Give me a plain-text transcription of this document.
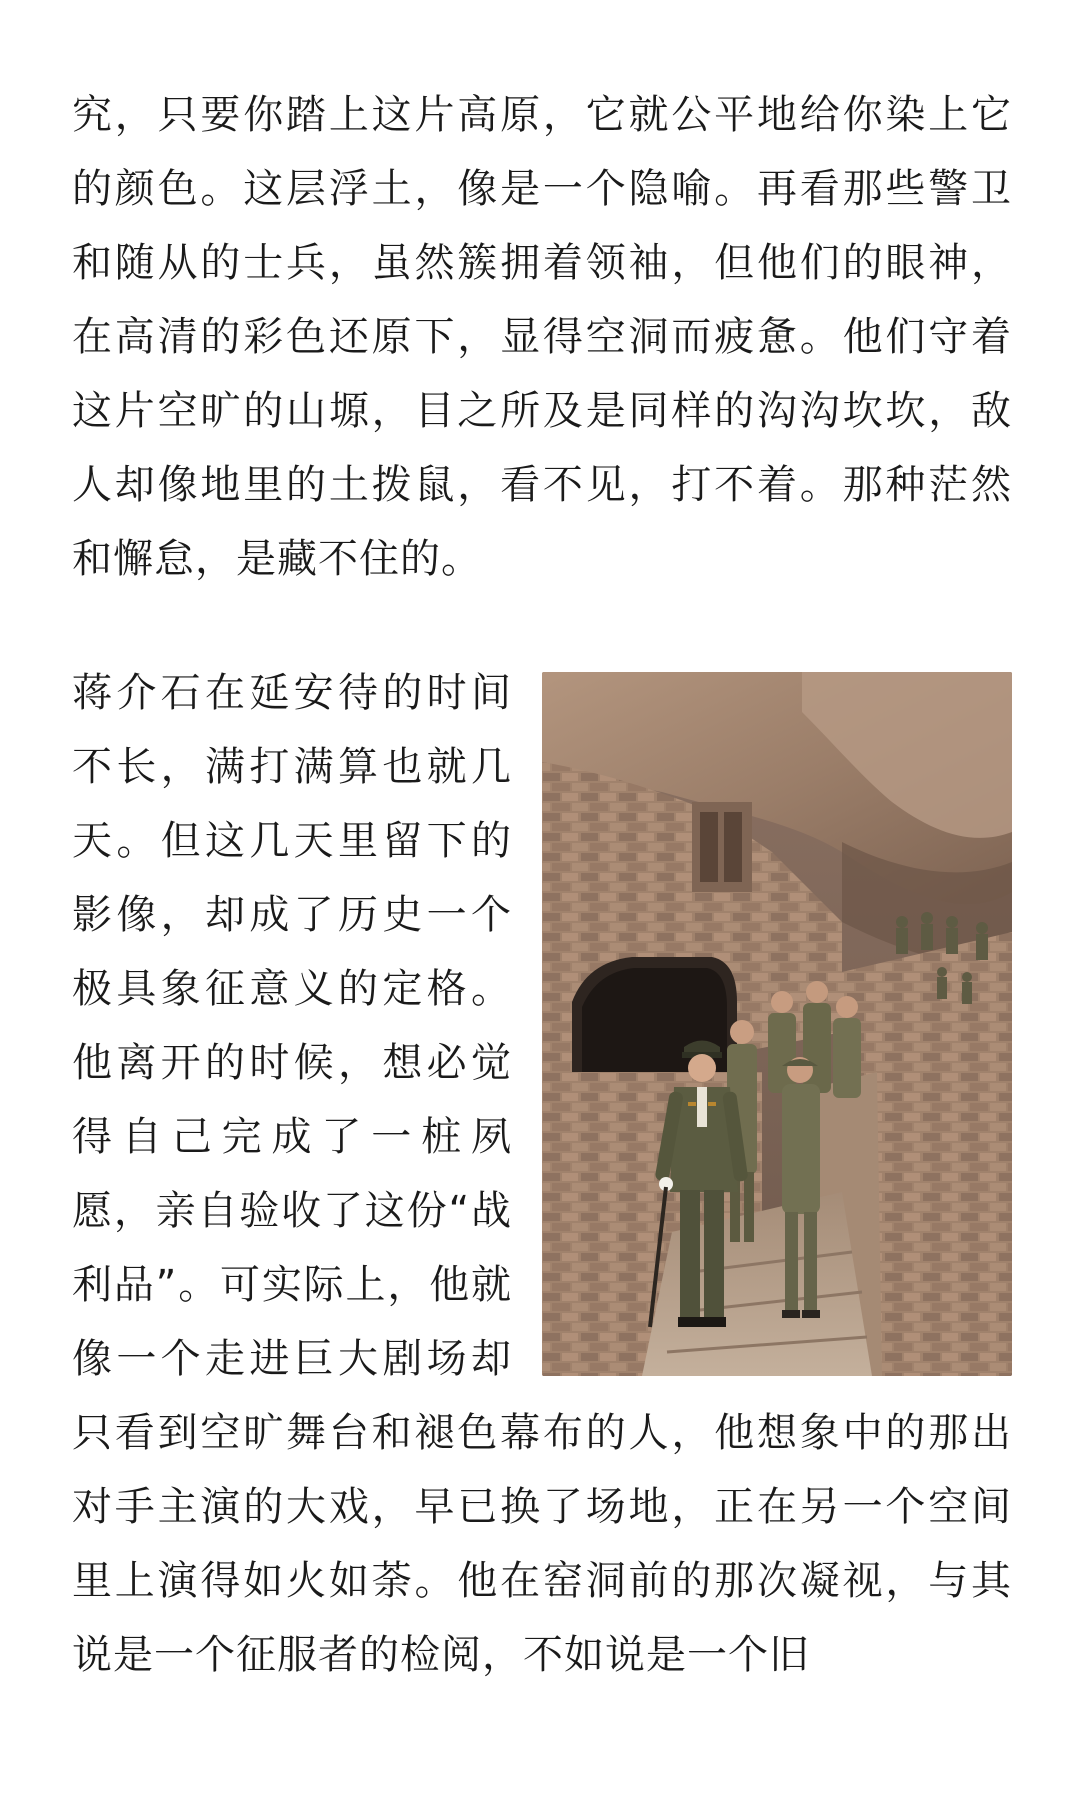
究，只要你踏上这片高原，它就公平地给你染上它的颜色。这层浮土，像是一个隐喻。再看那些警卫和随从的士兵，虽然簇拥着领袖，但他们的眼神，在高清的彩色还原下，显得空洞而疲惫。他们守着这片空旷的山塬，目之所及是同样的沟沟坎坎，敌人却像地里的土拨鼠，看不见，打不着。那种茫然和懈怠，是藏不住的。

蒋介石在延安待的时间不长，满打满算也就几天。但这几天里留下的影像，却成了历史一个极具象征意义的定格。他离开的时候，想必觉得自己完成了一桩夙愿，亲自验收了这份“战利品”。可实际上，他就像一个走进巨大剧场却只看到空旷舞台和褪色幕布的人，他想象中的那出对手主演的大戏，早已换了场地，正在另一个空间里上演得如火如荼。他在窑洞前的那次凝视，与其说是一个征服者的检阅，不如说是一个旧
